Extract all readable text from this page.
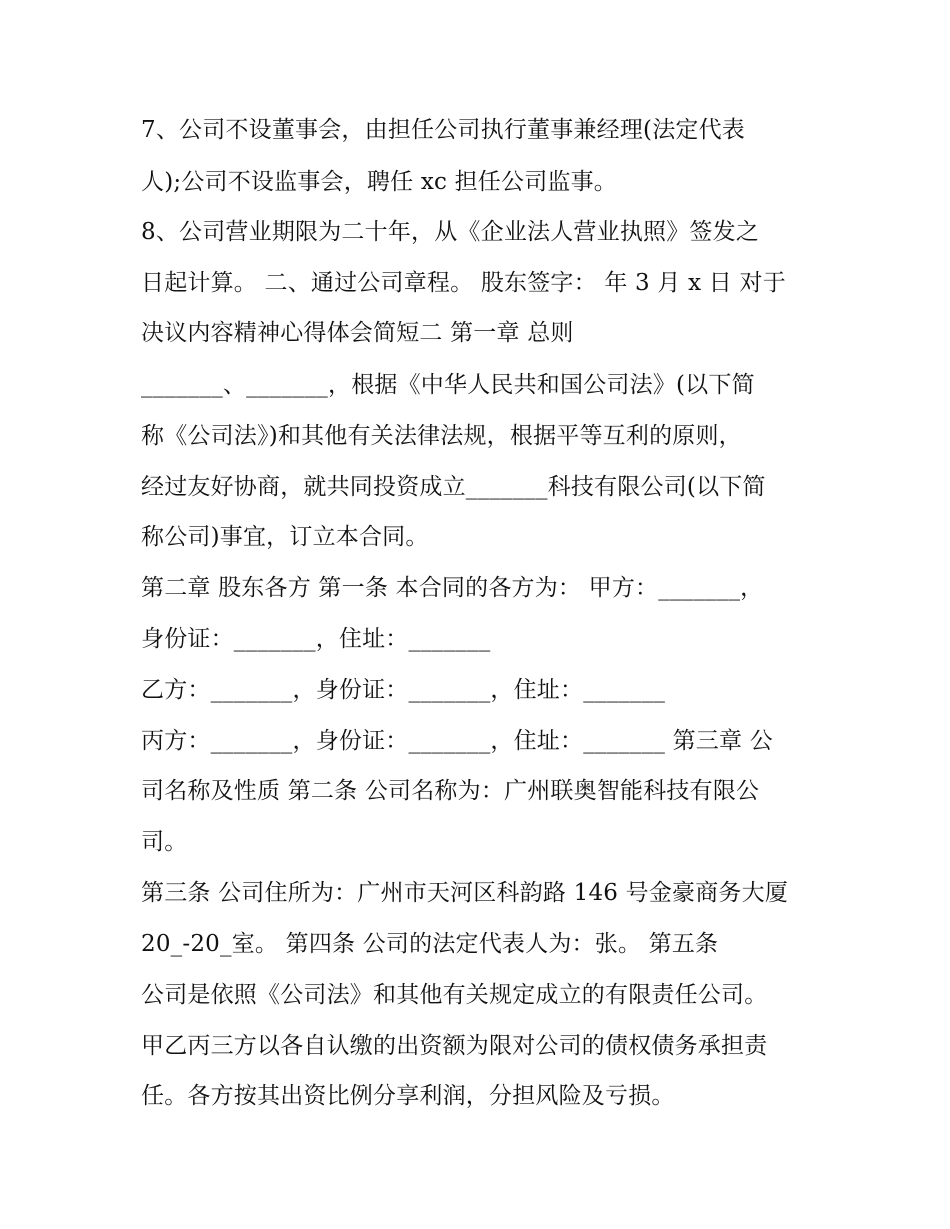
7、公司不设董事会，由担任公司执行董事兼经理(法定代表
人);公司不设监事会，聘任 xc 担任公司监事。
8、公司营业期限为二十年，从《企业法人营业执照》签发之
日起计算。 二、通过公司章程。 股东签字： 年 3 月 x 日 对于
决议内容精神心得体会简短二 第一章 总则
_______、_______，根据《中华人民共和国公司法》(以下简
称《公司法》)和其他有关法律法规，根据平等互利的原则，
经过友好协商，就共同投资成立_______科技有限公司(以下简
称公司)事宜，订立本合同。
第二章 股东各方 第一条 本合同的各方为： 甲方：_______，
身份证：_______，住址：_______
乙方：_______，身份证：_______，住址：_______
丙方：_______，身份证：_______，住址：_______ 第三章 公
司名称及性质 第二条 公司名称为：广州联奥智能科技有限公
司。
第三条 公司住所为：广州市天河区科韵路 146 号金豪商务大厦
20_-20_室。 第四条 公司的法定代表人为：张。 第五条
公司是依照《公司法》和其他有关规定成立的有限责任公司。
甲乙丙三方以各自认缴的出资额为限对公司的债权债务承担责
任。各方按其出资比例分享利润，分担风险及亏损。
